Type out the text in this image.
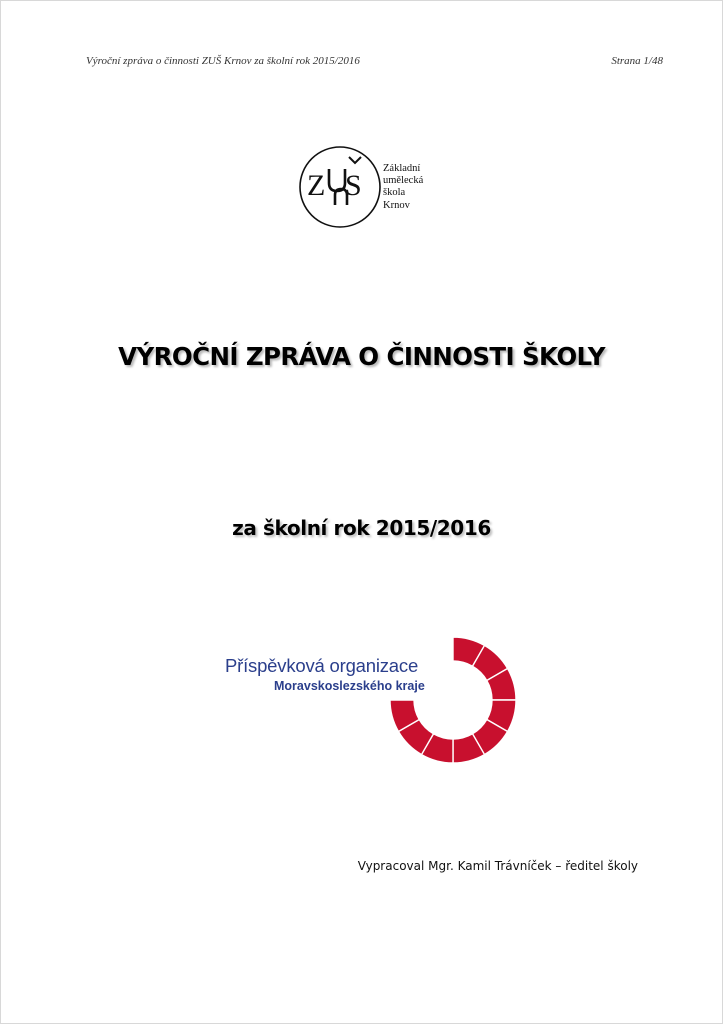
Výroční zpráva o činnosti ZUŠ Krnov za školní rok 2015/2016	Strana 1/48
Z S
Základní
umělecká
škola
Krnov
VÝROČNÍ ZPRÁVA O ČINNOSTI ŠKOLY
za školní rok 2015/2016
Příspěvková organizace
Moravskoslezského kraje
Vypracoval Mgr. Kamil Trávníček – ředitel školy
